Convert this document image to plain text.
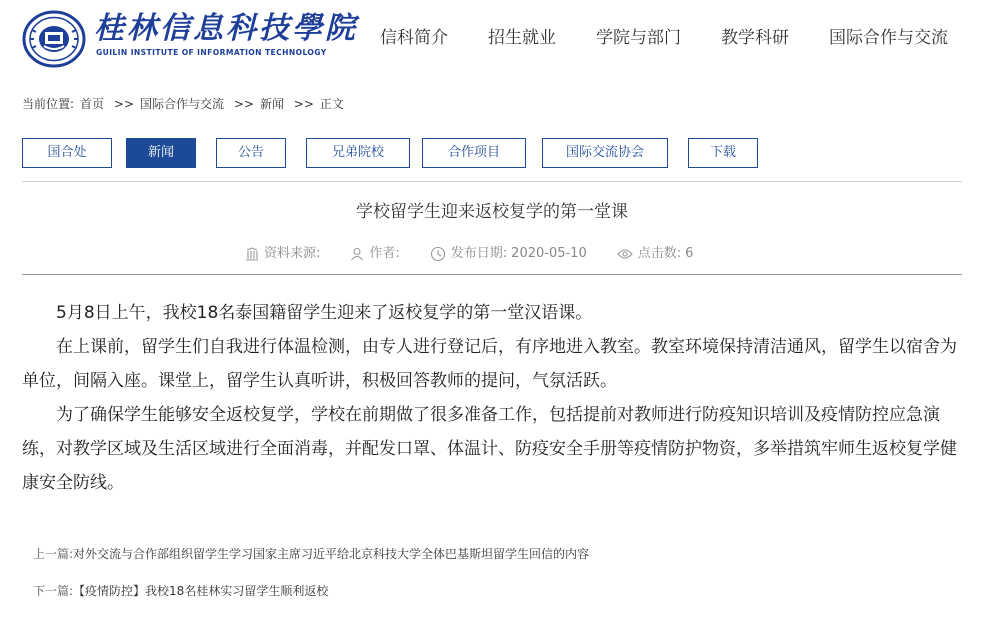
桂林信息科技學院
GUILIN INSTITUTE OF INFORMATION TECHNOLOGY
信科简介 招生就业 学院与部门 教学科研 国际合作与交流
当前位置: 首页 >> 国际合作与交流 >> 新闻 >> 正文
国合处	新闻	公告	兄弟院校	合作项目	国际交流协会	下载
学校留学生迎来返校复学的第一堂课
资料来源:	作者:	发布日期: 2020-05-10	点击数: 6

5月8日上午，我校18名泰国籍留学生迎来了返校复学的第一堂汉语课。

在上课前，留学生们自我进行体温检测，由专人进行登记后，有序地进入教室。教室环境保持清洁通风，留学生以宿舍为单位，间隔入座。课堂上，留学生认真听讲，积极回答教师的提问，气氛活跃。

为了确保学生能够安全返校复学，学校在前期做了很多准备工作，包括提前对教师进行防疫知识培训及疫情防控应急演练，对教学区域及生活区域进行全面消毒，并配发口罩、体温计、防疫安全手册等疫情防护物资，多举措筑牢师生返校复学健康安全防线。

上一篇:对外交流与合作部组织留学生学习国家主席习近平给北京科技大学全体巴基斯坦留学生回信的内容
下一篇:【疫情防控】我校18名桂林实习留学生顺利返校
